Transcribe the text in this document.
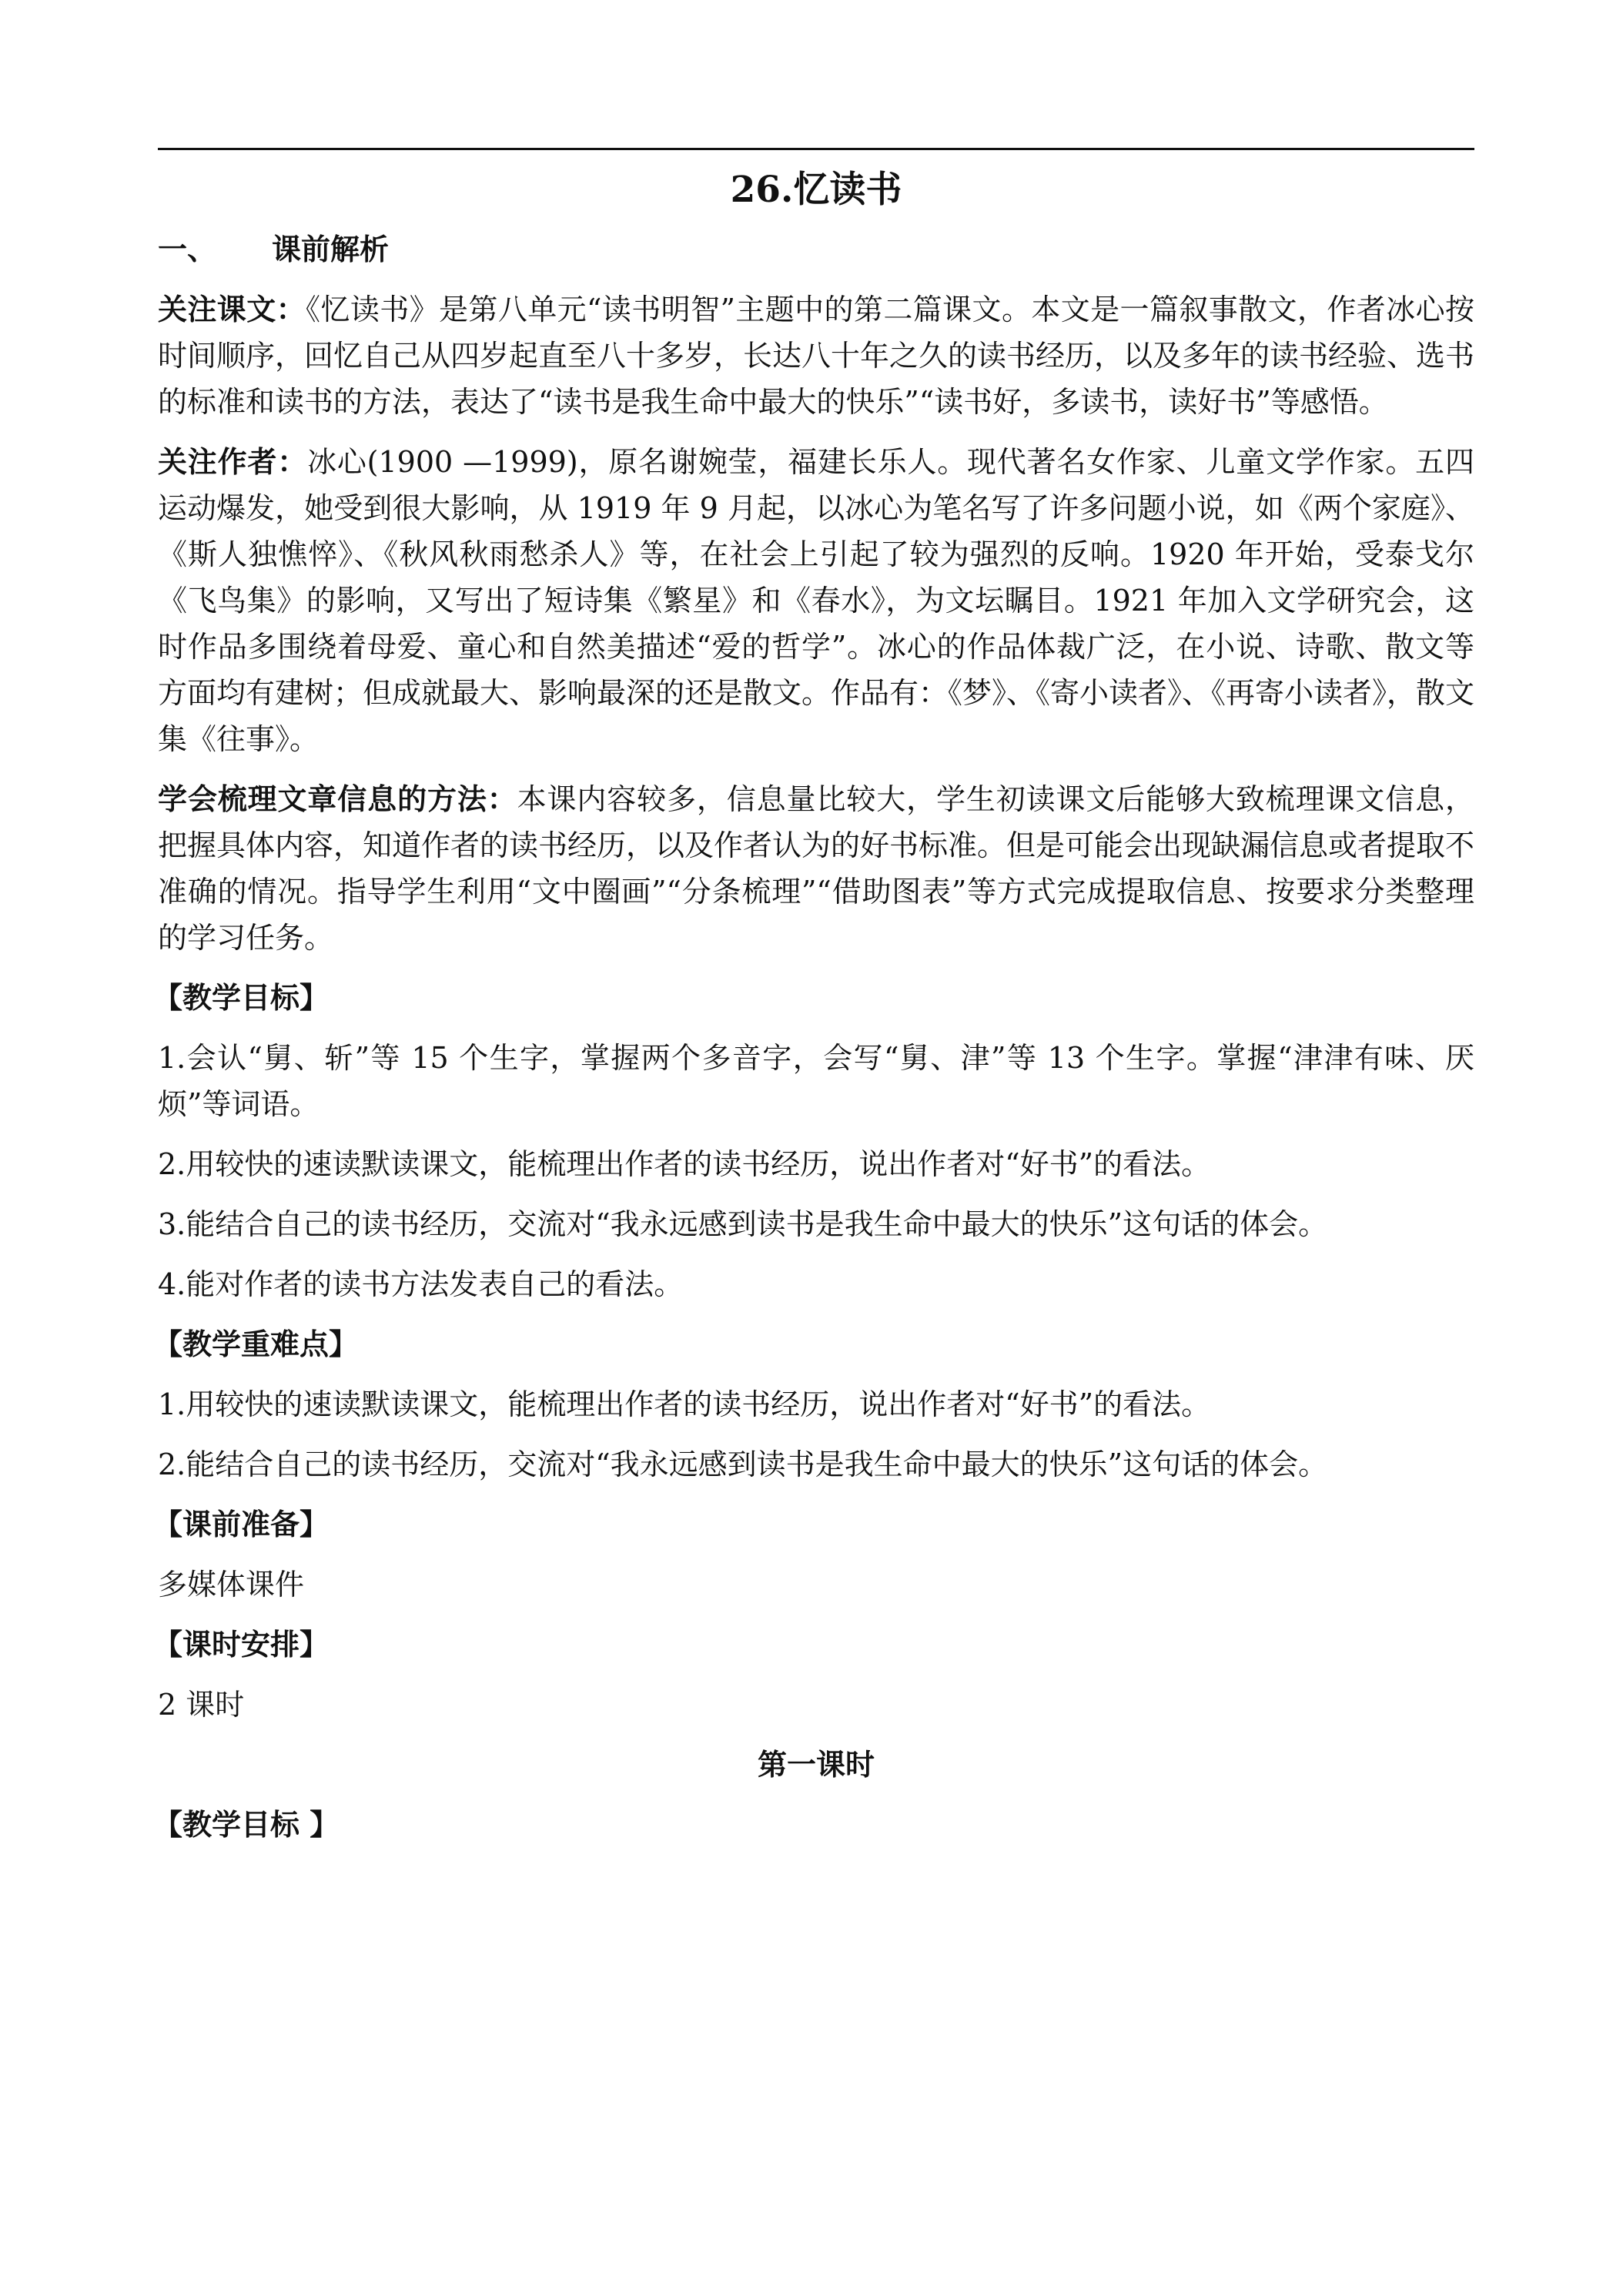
26.忆读书

一、 课前解析

关注课文：《忆读书》是第八单元“读书明智”主题中的第二篇课文。本文是一篇叙事散文，作者冰心按时间顺序，回忆自己从四岁起直至八十多岁，长达八十年之久的读书经历，以及多年的读书经验、选书的标准和读书的方法，表达了“读书是我生命中最大的快乐”“读书好，多读书，读好书”等感悟。

关注作者：冰心(1900 —1999)，原名谢婉莹，福建长乐人。现代著名女作家、儿童文学作家。五四运动爆发，她受到很大影响，从 1919 年 9 月起，以冰心为笔名写了许多问题小说，如《两个家庭》、《斯人独憔悴》、《秋风秋雨愁杀人》等，在社会上引起了较为强烈的反响。1920 年开始，受泰戈尔《飞鸟集》的影响，又写出了短诗集《繁星》和《春水》，为文坛瞩目。1921 年加入文学研究会，这时作品多围绕着母爱、童心和自然美描述“爱的哲学”。冰心的作品体裁广泛，在小说、诗歌、散文等方面均有建树；但成就最大、影响最深的还是散文。作品有：《梦》、《寄小读者》、《再寄小读者》，散文集《往事》。

学会梳理文章信息的方法：本课内容较多，信息量比较大，学生初读课文后能够大致梳理课文信息，把握具体内容，知道作者的读书经历，以及作者认为的好书标准。但是可能会出现缺漏信息或者提取不准确的情况。指导学生利用“文中圈画”“分条梳理”“借助图表”等方式完成提取信息、按要求分类整理的学习任务。

【教学目标】

1.会认“舅、斩”等 15 个生字，掌握两个多音字，会写“舅、津”等 13 个生字。掌握“津津有味、厌烦”等词语。

2.用较快的速读默读课文，能梳理出作者的读书经历，说出作者对“好书”的看法。

3.能结合自己的读书经历，交流对“我永远感到读书是我生命中最大的快乐”这句话的体会。

4.能对作者的读书方法发表自己的看法。

【教学重难点】

1.用较快的速读默读课文，能梳理出作者的读书经历，说出作者对“好书”的看法。

2.能结合自己的读书经历，交流对“我永远感到读书是我生命中最大的快乐”这句话的体会。

【课前准备】

多媒体课件

【课时安排】

2 课时

第一课时

【教学目标 】
